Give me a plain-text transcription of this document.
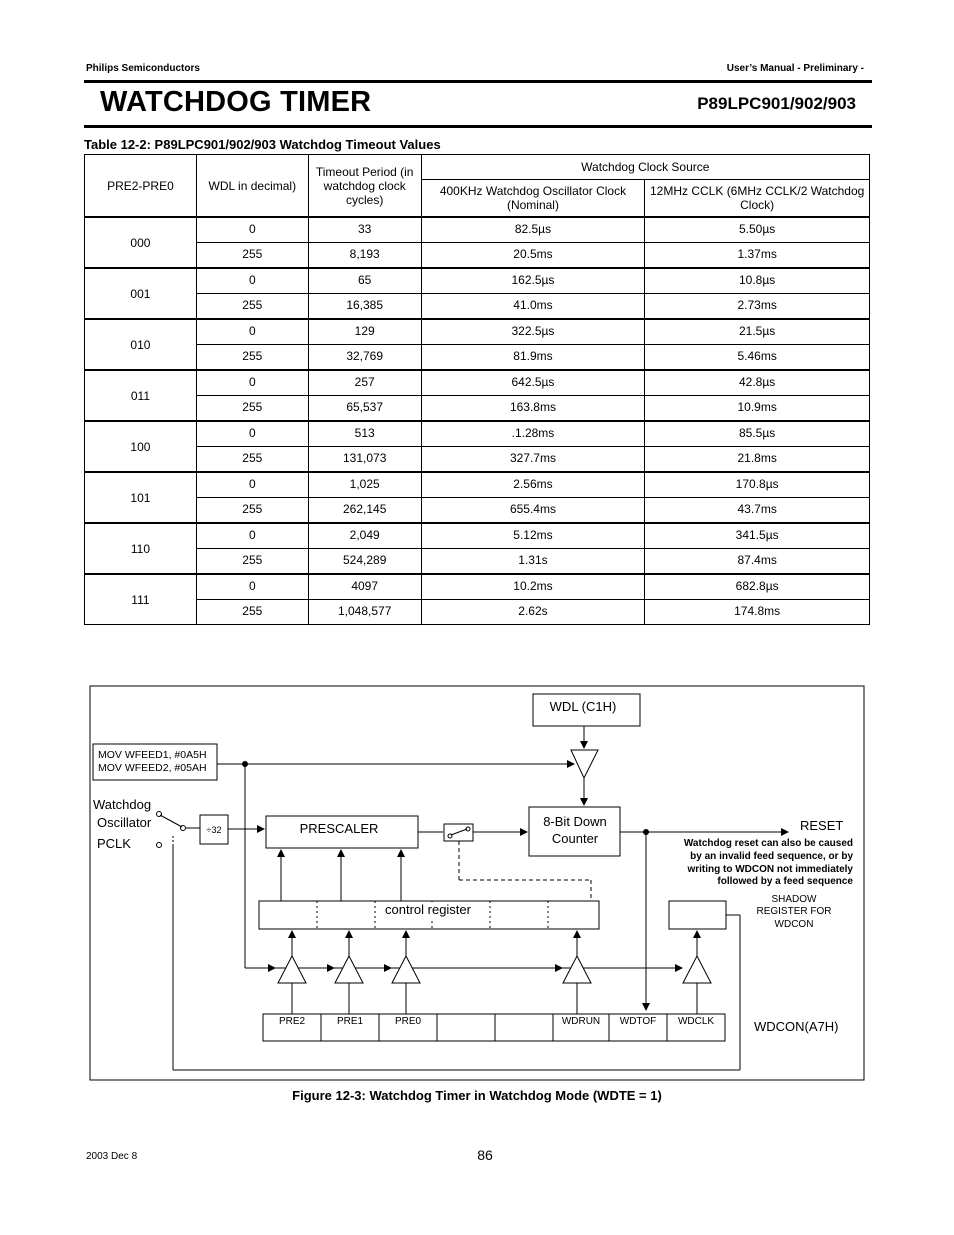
Philips Semiconductors	User’s Manual - Preliminary -
WATCHDOG TIMER	P89LPC901/902/903
Table 12-2: P89LPC901/902/903 Watchdog Timeout Values
PRE2-PRE0	WDL in decimal)	Timeout Period (in watchdog clock cycles)	Watchdog Clock Source	
			400KHz Watchdog Oscillator Clock (Nominal)	12MHz CCLK (6MHz CCLK/2 Watchdog Clock)
000	0	33	82.5µs	5.50µs
	255	8,193	20.5ms	1.37ms
001	0	65	162.5µs	10.8µs
	255	16,385	41.0ms	2.73ms
010	0	129	322.5µs	21.5µs
	255	32,769	81.9ms	5.46ms
011	0	257	642.5µs	42.8µs
	255	65,537	163.8ms	10.9ms
100	0	513	.1.28ms	85.5µs
	255	131,073	327.7ms	21.8ms
101	0	1,025	2.56ms	170.8µs
	255	262,145	655.4ms	43.7ms
110	0	2,049	5.12ms	341.5µs
	255	524,289	1.31s	87.4ms
111	0	4097	10.2ms	682.8µs
	255	1,048,577	2.62s	174.8ms
WDL (C1H)
MOV WFEED1, #0A5H
MOV WFEED2, #05AH
Watchdog
Oscillator
PCLK
÷32	PRESCALER	8-Bit Down
Counter
RESET
Watchdog reset can also be caused
by an invalid feed sequence, or by
writing to WDCON not immediately
followed by a feed sequence
SHADOW
REGISTER FOR
WDCON
control register
PRE2	PRE1	PRE0	WDRUN WDTOF WDCLK	WDCON(A7H)
Figure 12-3: Watchdog Timer in Watchdog Mode (WDTE = 1)
2003 Dec 8	86
